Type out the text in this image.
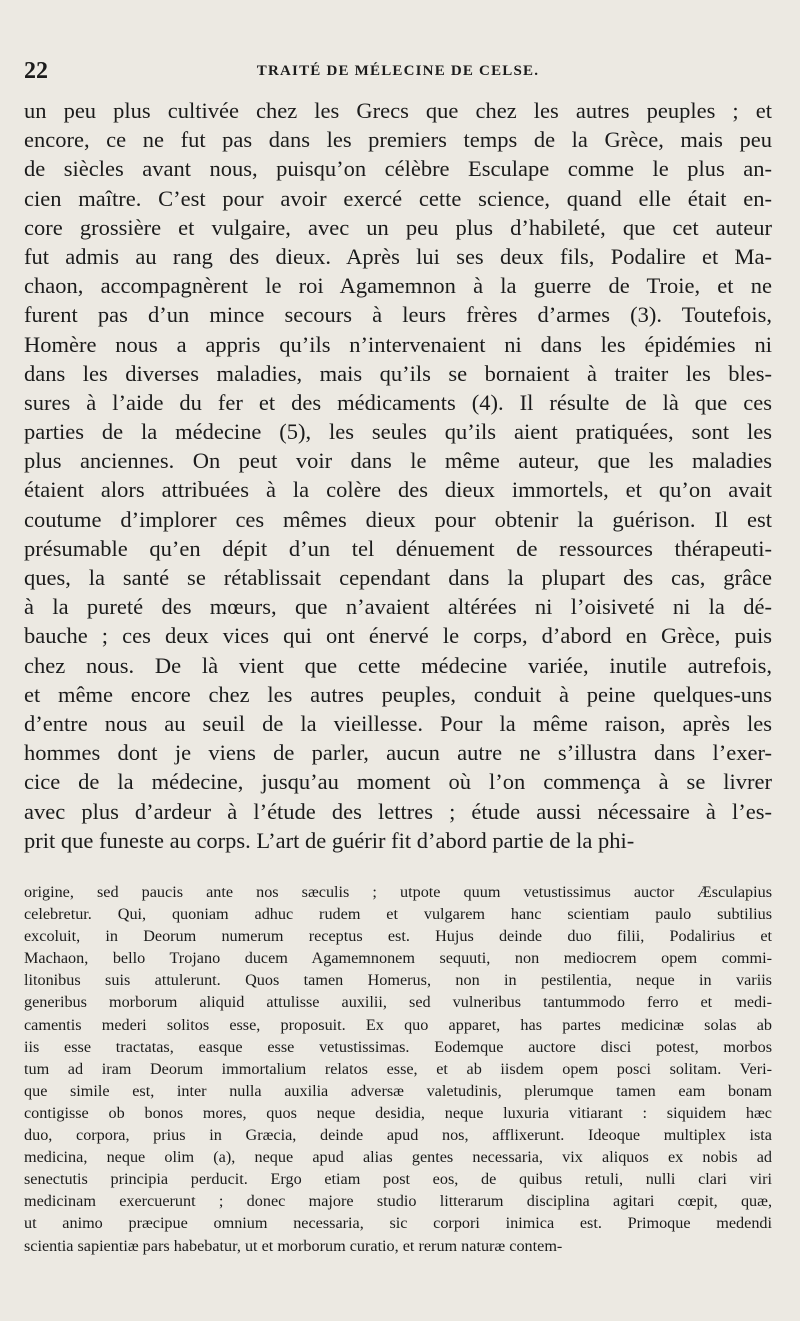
22	TRAITÉ DE MÉLECINE DE CELSE.
un peu plus cultivée chez les Grecs que chez les autres peuples ; et
encore, ce ne fut pas dans les premiers temps de la Grèce, mais peu
de siècles avant nous, puisqu’on célèbre Esculape comme le plus an-
cien maître. C’est pour avoir exercé cette science, quand elle était en-
core grossière et vulgaire, avec un peu plus d’habileté, que cet auteur
fut admis au rang des dieux. Après lui ses deux fils, Podalire et Ma-
chaon, accompagnèrent le roi Agamemnon à la guerre de Troie, et ne
furent pas d’un mince secours à leurs frères d’armes (3). Toutefois,
Homère nous a appris qu’ils n’intervenaient ni dans les épidémies ni
dans les diverses maladies, mais qu’ils se bornaient à traiter les bles-
sures à l’aide du fer et des médicaments (4). Il résulte de là que ces
parties de la médecine (5), les seules qu’ils aient pratiquées, sont les
plus anciennes. On peut voir dans le même auteur, que les maladies
étaient alors attribuées à la colère des dieux immortels, et qu’on avait
coutume d’implorer ces mêmes dieux pour obtenir la guérison. Il est
présumable qu’en dépit d’un tel dénuement de ressources thérapeuti-
ques, la santé se rétablissait cependant dans la plupart des cas, grâce
à la pureté des mœurs, que n’avaient altérées ni l’oisiveté ni la dé-
bauche ; ces deux vices qui ont énervé le corps, d’abord en Grèce, puis
chez nous. De là vient que cette médecine variée, inutile autrefois,
et même encore chez les autres peuples, conduit à peine quelques-uns
d’entre nous au seuil de la vieillesse. Pour la même raison, après les
hommes dont je viens de parler, aucun autre ne s’illustra dans l’exer-
cice de la médecine, jusqu’au moment où l’on commença à se livrer
avec plus d’ardeur à l’étude des lettres ; étude aussi nécessaire à l’es-
prit que funeste au corps. L’art de guérir fit d’abord partie de la phi-
origine, sed paucis ante nos sæculis ; utpote quum vetustissimus auctor Æsculapius
celebretur. Qui, quoniam adhuc rudem et vulgarem hanc scientiam paulo subtilius
excoluit, in Deorum numerum receptus est. Hujus deinde duo filii, Podalirius et
Machaon, bello Trojano ducem Agamemnonem sequuti, non mediocrem opem commi-
litonibus suis attulerunt. Quos tamen Homerus, non in pestilentia, neque in variis
generibus morborum aliquid attulisse auxilii, sed vulneribus tantummodo ferro et medi-
camentis mederi solitos esse, proposuit. Ex quo apparet, has partes medicinæ solas ab
iis esse tractatas, easque esse vetustissimas. Eodemque auctore disci potest, morbos
tum ad iram Deorum immortalium relatos esse, et ab iisdem opem posci solitam. Veri-
que simile est, inter nulla auxilia adversæ valetudinis, plerumque tamen eam bonam
contigisse ob bonos mores, quos neque desidia, neque luxuria vitiarant : siquidem hæc
duo, corpora, prius in Græcia, deinde apud nos, afflixerunt. Ideoque multiplex ista
medicina, neque olim (a), neque apud alias gentes necessaria, vix aliquos ex nobis ad
senectutis principia perducit. Ergo etiam post eos, de quibus retuli, nulli clari viri
medicinam exercuerunt ; donec majore studio litterarum disciplina agitari cœpit, quæ,
ut animo præcipue omnium necessaria, sic corpori inimica est. Primoque medendi
scientia sapientiæ pars habebatur, ut et morborum curatio, et rerum naturæ contem-
